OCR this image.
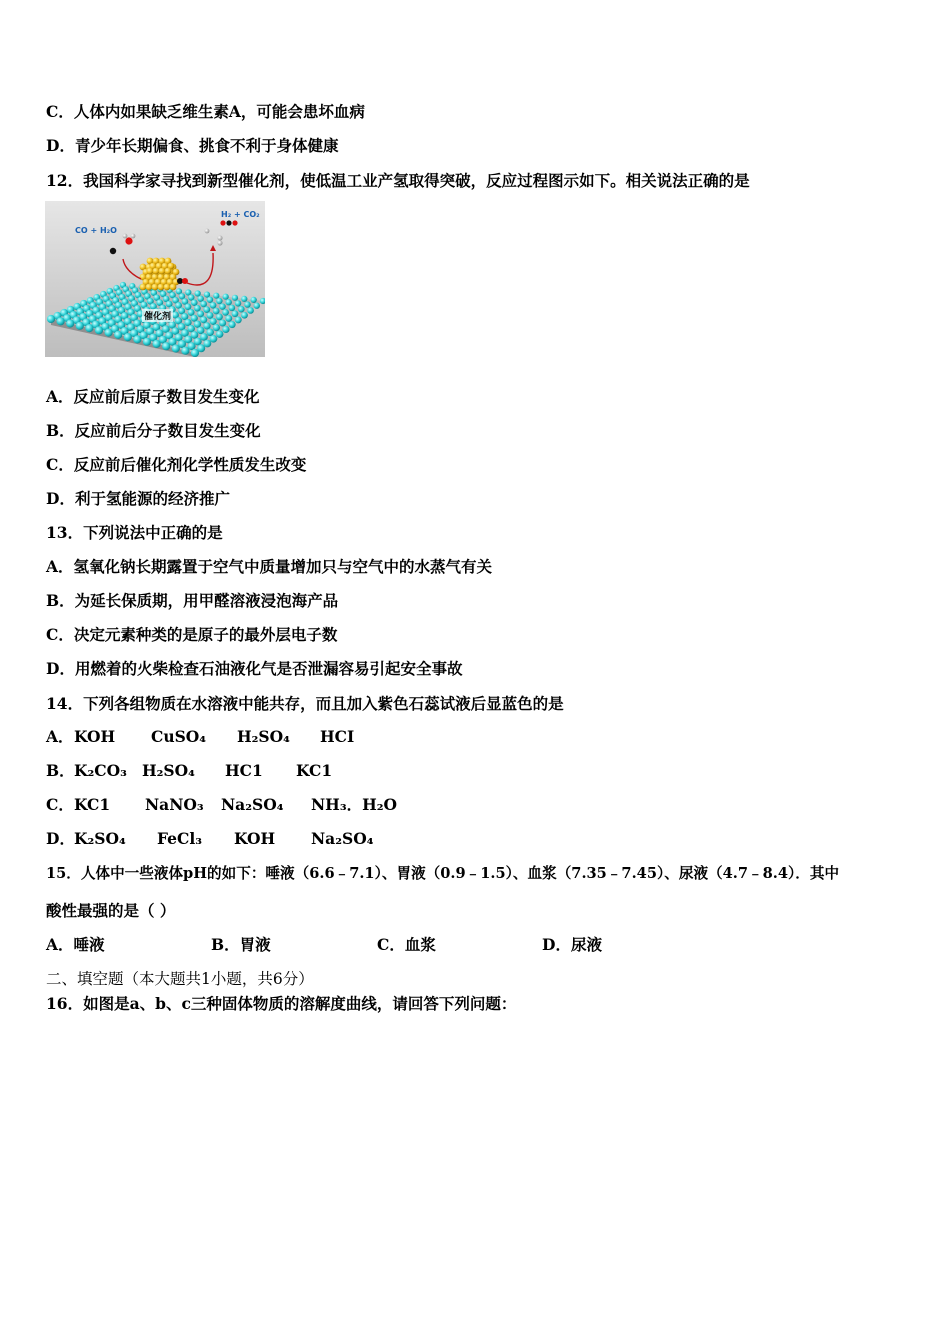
C．人体内如果缺乏维生素A，可能会患坏血病
D．青少年长期偏食、挑食不利于身体健康
12．我国科学家寻找到新型催化剂，使低温工业产氢取得突破，反应过程图示如下。相关说法正确的是
CO + H₂O
H₂ + CO₂
催化剂
A．反应前后原子数目发生变化
B．反应前后分子数目发生变化
C．反应前后催化剂化学性质发生改变
D．利于氢能源的经济推广
13．下列说法中正确的是
A．氢氧化钠长期露置于空气中质量增加只与空气中的水蒸气有关
B．为延长保质期，用甲醛溶液浸泡海产品
C．决定元素种类的是原子的最外层电子数
D．用燃着的火柴检查石油液化气是否泄漏容易引起安全事故
14．下列各组物质在水溶液中能共存，而且加入紫色石蕊试液后显蓝色的是
A． KOH CuSO₄ H₂SO₄ HCI
B． K₂CO₃ H₂SO₄ HC1 KC1
C． KC1 NaNO₃ Na₂SO₄ NH₃．H₂O
D． K₂SO₄ FeCl₃ KOH Na₂SO₄
15．人体中一些液体pH的如下：唾液（6.6﹣7.1）、胃液（0.9﹣1.5）、血浆（7.35﹣7.45）、尿液（4.7﹣8.4）．其中
酸性最强的是（ ）
A．唾液	B．胃液	C．血浆	D．尿液
二、填空题（本大题共1小题，共6分）
16．如图是a、b、c三种固体物质的溶解度曲线，请回答下列问题：
